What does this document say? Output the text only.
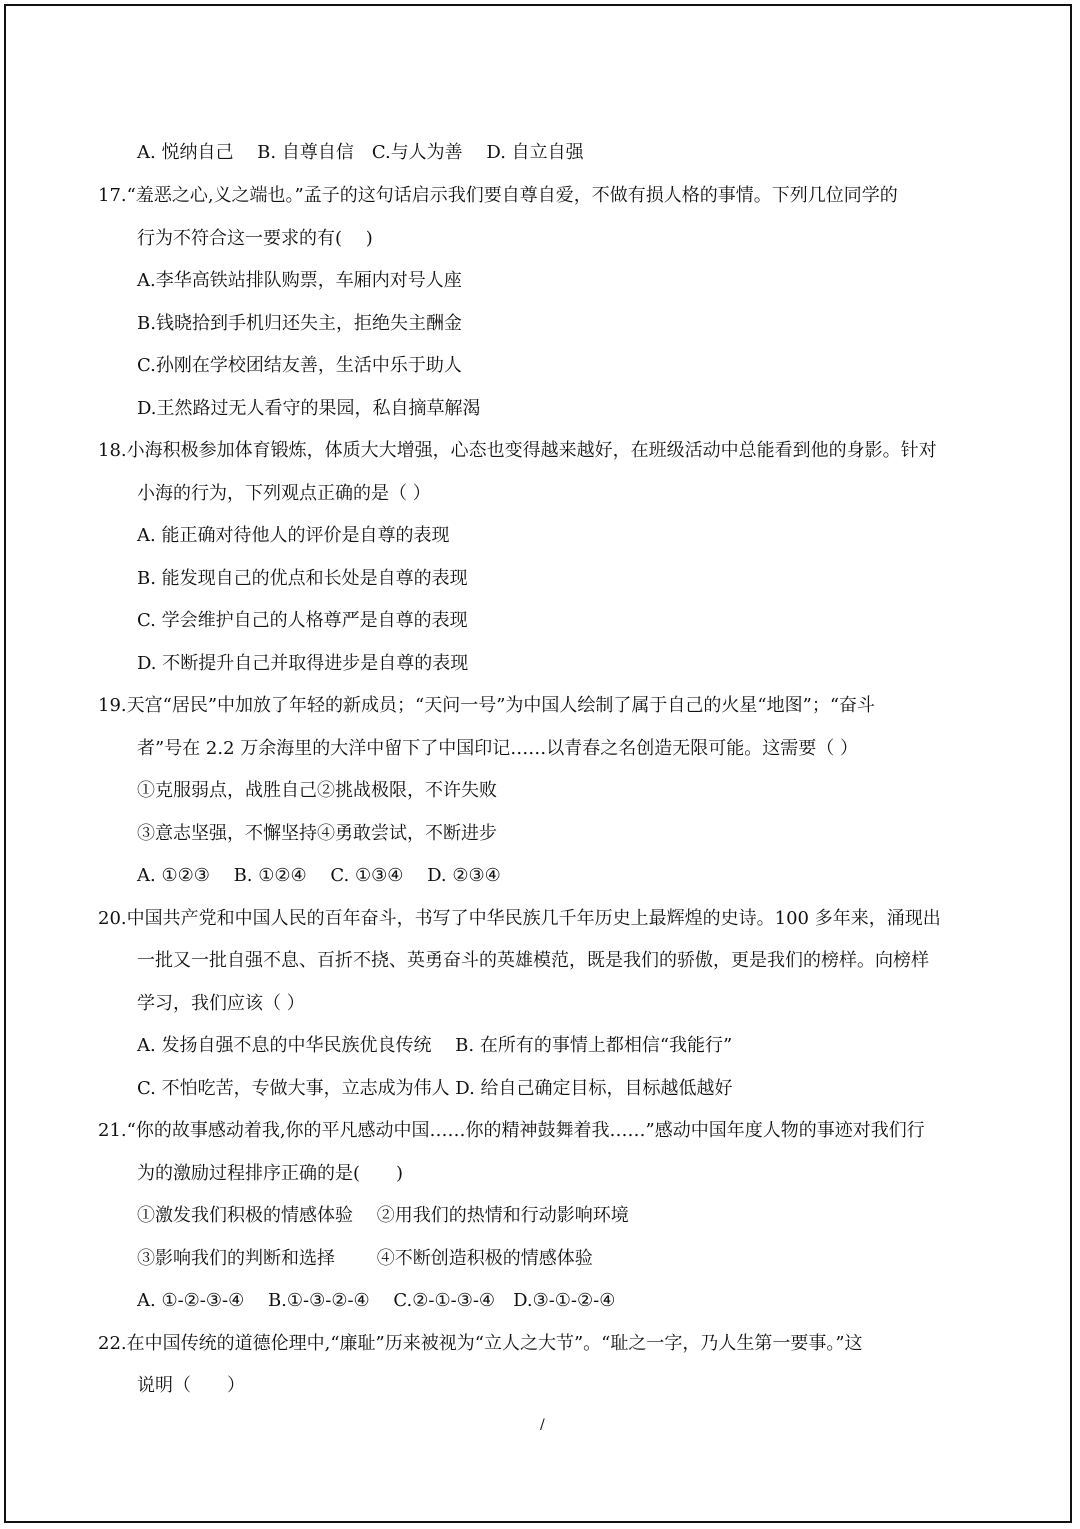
A. 悦纳自己　 B. 自尊自信　C.与人为善　 D. 自立自强
17.“羞恶之心,义之端也。”孟子的这句话启示我们要自尊自爱，不做有损人格的事情。下列几位同学的
行为不符合这一要求的有(　 )
A.李华高铁站排队购票，车厢内对号人座
B.钱晓拾到手机归还失主，拒绝失主酬金
C.孙刚在学校团结友善，生活中乐于助人
D.王然路过无人看守的果园，私自摘草解渴
18.小海积极参加体育锻炼，体质大大增强，心态也变得越来越好，在班级活动中总能看到他的身影。针对
小海的行为，下列观点正确的是（ ）
A. 能正确对待他人的评价是自尊的表现
B. 能发现自己的优点和长处是自尊的表现
C. 学会维护自己的人格尊严是自尊的表现
D. 不断提升自己并取得进步是自尊的表现
19.天宫“居民”中加放了年轻的新成员；“天问一号”为中国人绘制了属于自己的火星“地图”；“奋斗
者”号在 2.2 万余海里的大洋中留下了中国印记……以青春之名创造无限可能。这需要（ ）
①克服弱点，战胜自己②挑战极限，不许失败
③意志坚强，不懈坚持④勇敢尝试，不断进步
A. ①②③　 B. ①②④　 C. ①③④　 D. ②③④
20.中国共产党和中国人民的百年奋斗，书写了中华民族几千年历史上最辉煌的史诗。100 多年来，涌现出
一批又一批自强不息、百折不挠、英勇奋斗的英雄模范，既是我们的骄傲，更是我们的榜样。向榜样
学习，我们应该（ ）
A. 发扬自强不息的中华民族优良传统　 B. 在所有的事情上都相信“我能行”
C. 不怕吃苦，专做大事，立志成为伟人 D. 给自己确定目标，目标越低越好
21.“你的故事感动着我,你的平凡感动中国……你的精神鼓舞着我……”感动中国年度人物的事迹对我们行
为的激励过程排序正确的是(　　)
①激发我们积极的情感体验　 ②用我们的热情和行动影响环境
③影响我们的判断和选择　　 ④不断创造积极的情感体验
A. ①-②-③-④　 B.①-③-②-④　 C.②-①-③-④　D.③-①-②-④
22.在中国传统的道德伦理中,“廉耻”历来被视为“立人之大节”。“耻之一字，乃人生第一要事。”这
说明（　　）
/
